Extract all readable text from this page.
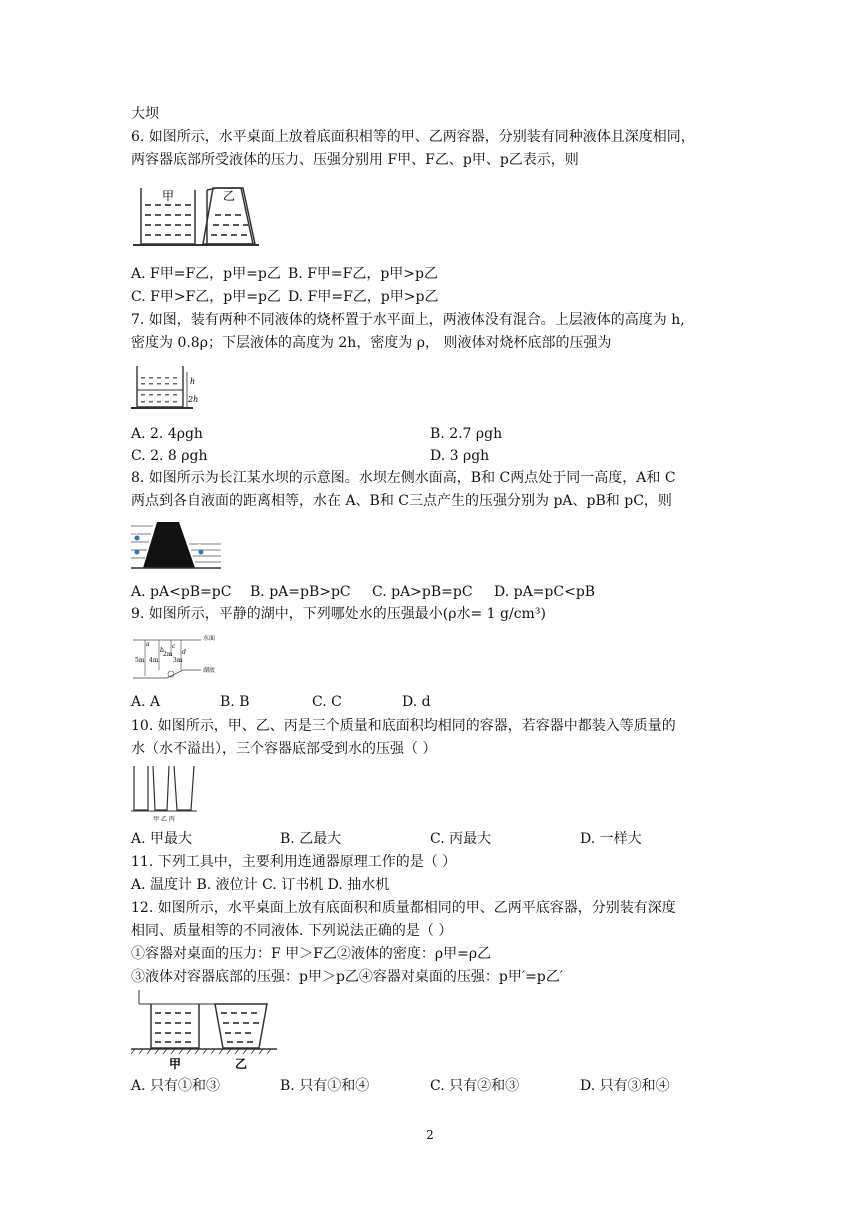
大坝
6. 如图所示，水平桌面上放着底面积相等的甲、乙两容器，分别装有同种液体且深度相同，
两容器底部所受液体的压力、压强分别用 F甲、F乙、p甲、p乙表示，则
甲	乙
A. F甲=F乙，p甲=p乙 B. F甲=F乙，p甲>p乙
C. F甲>F乙，p甲=p乙 D. F甲=F乙，p甲>p乙
7. 如图，装有两种不同液体的烧杯置于水平面上，两液体没有混合。上层液体的高度为 h,
密度为 0.8ρ；下层液体的高度为 2h，密度为 ρ， 则液体对烧杯底部的压强为
h
2h
A. 2. 4ρgh	B. 2.7 ρgh
C. 2. 8 ρgh	D. 3 ρgh
8. 如图所示为长江某水坝的示意图。水坝左侧水面高，B和 C两点处于同一高度，A和 C
两点到各自液面的距离相等，水在 A、B和 C三点产生的压强分别为 pA、pB和 pC，则
A
B	C
A. pA<pB=pC B. pA=pB>pC C. pA>pB=pC D. pA=pC<pB
9. 如图所示，平静的湖中，下列哪处水的压强最小(ρ水= 1 g/cm³)
水面
湖底
a
b
c
d
5m 4m
2m
3m
A. A	B. B	C. C	D. d
10. 如图所示，甲、乙、丙是三个质量和底面积均相同的容器，若容器中都装入等质量的
水（水不溢出），三个容器底部受到水的压强（ ）
甲 乙 丙
A. 甲最大	B. 乙最大	C. 丙最大	D. 一样大
11. 下列工具中，主要利用连通器原理工作的是（ ）
A. 温度计 B. 液位计 C. 订书机 D. 抽水机
12. 如图所示，水平桌面上放有底面积和质量都相同的甲、乙两平底容器，分别装有深度
相同、质量相等的不同液体. 下列说法正确的是（ ）
①容器对桌面的压力：F 甲＞F乙②液体的密度：ρ甲=ρ乙
③液体对容器底部的压强：p甲＞p乙④容器对桌面的压强：p甲′=p乙′
甲	乙
A. 只有①和③	B. 只有①和④	C. 只有②和③	D. 只有③和④
2
